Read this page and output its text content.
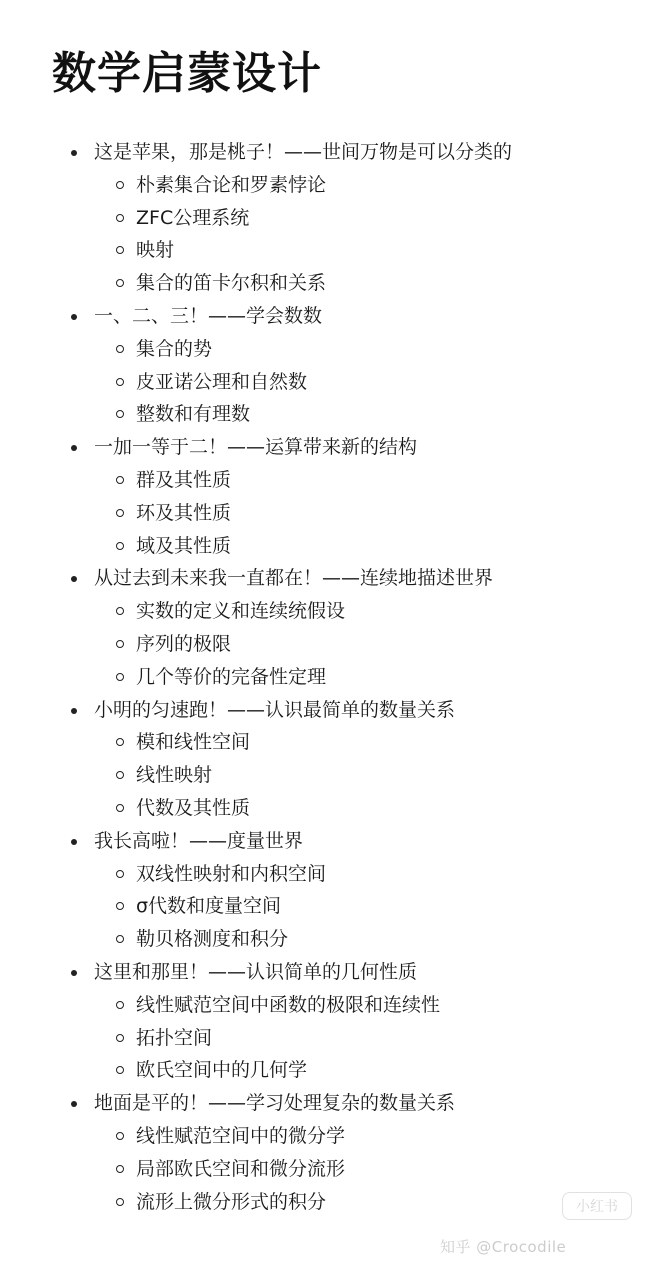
数学启蒙设计
这是苹果，那是桃子！——世间万物是可以分类的
朴素集合论和罗素悖论
ZFC公理系统
映射
集合的笛卡尔积和关系
一、二、三！——学会数数
集合的势
皮亚诺公理和自然数
整数和有理数
一加一等于二！——运算带来新的结构
群及其性质
环及其性质
域及其性质
从过去到未来我一直都在！——连续地描述世界
实数的定义和连续统假设
序列的极限
几个等价的完备性定理
小明的匀速跑！——认识最简单的数量关系
模和线性空间
线性映射
代数及其性质
我长高啦！——度量世界
双线性映射和内积空间
σ代数和度量空间
勒贝格测度和积分
这里和那里！——认识简单的几何性质
线性赋范空间中函数的极限和连续性
拓扑空间
欧氏空间中的几何学
地面是平的！——学习处理复杂的数量关系
线性赋范空间中的微分学
局部欧氏空间和微分流形
流形上微分形式的积分	小红书
知乎 @Crocodile
